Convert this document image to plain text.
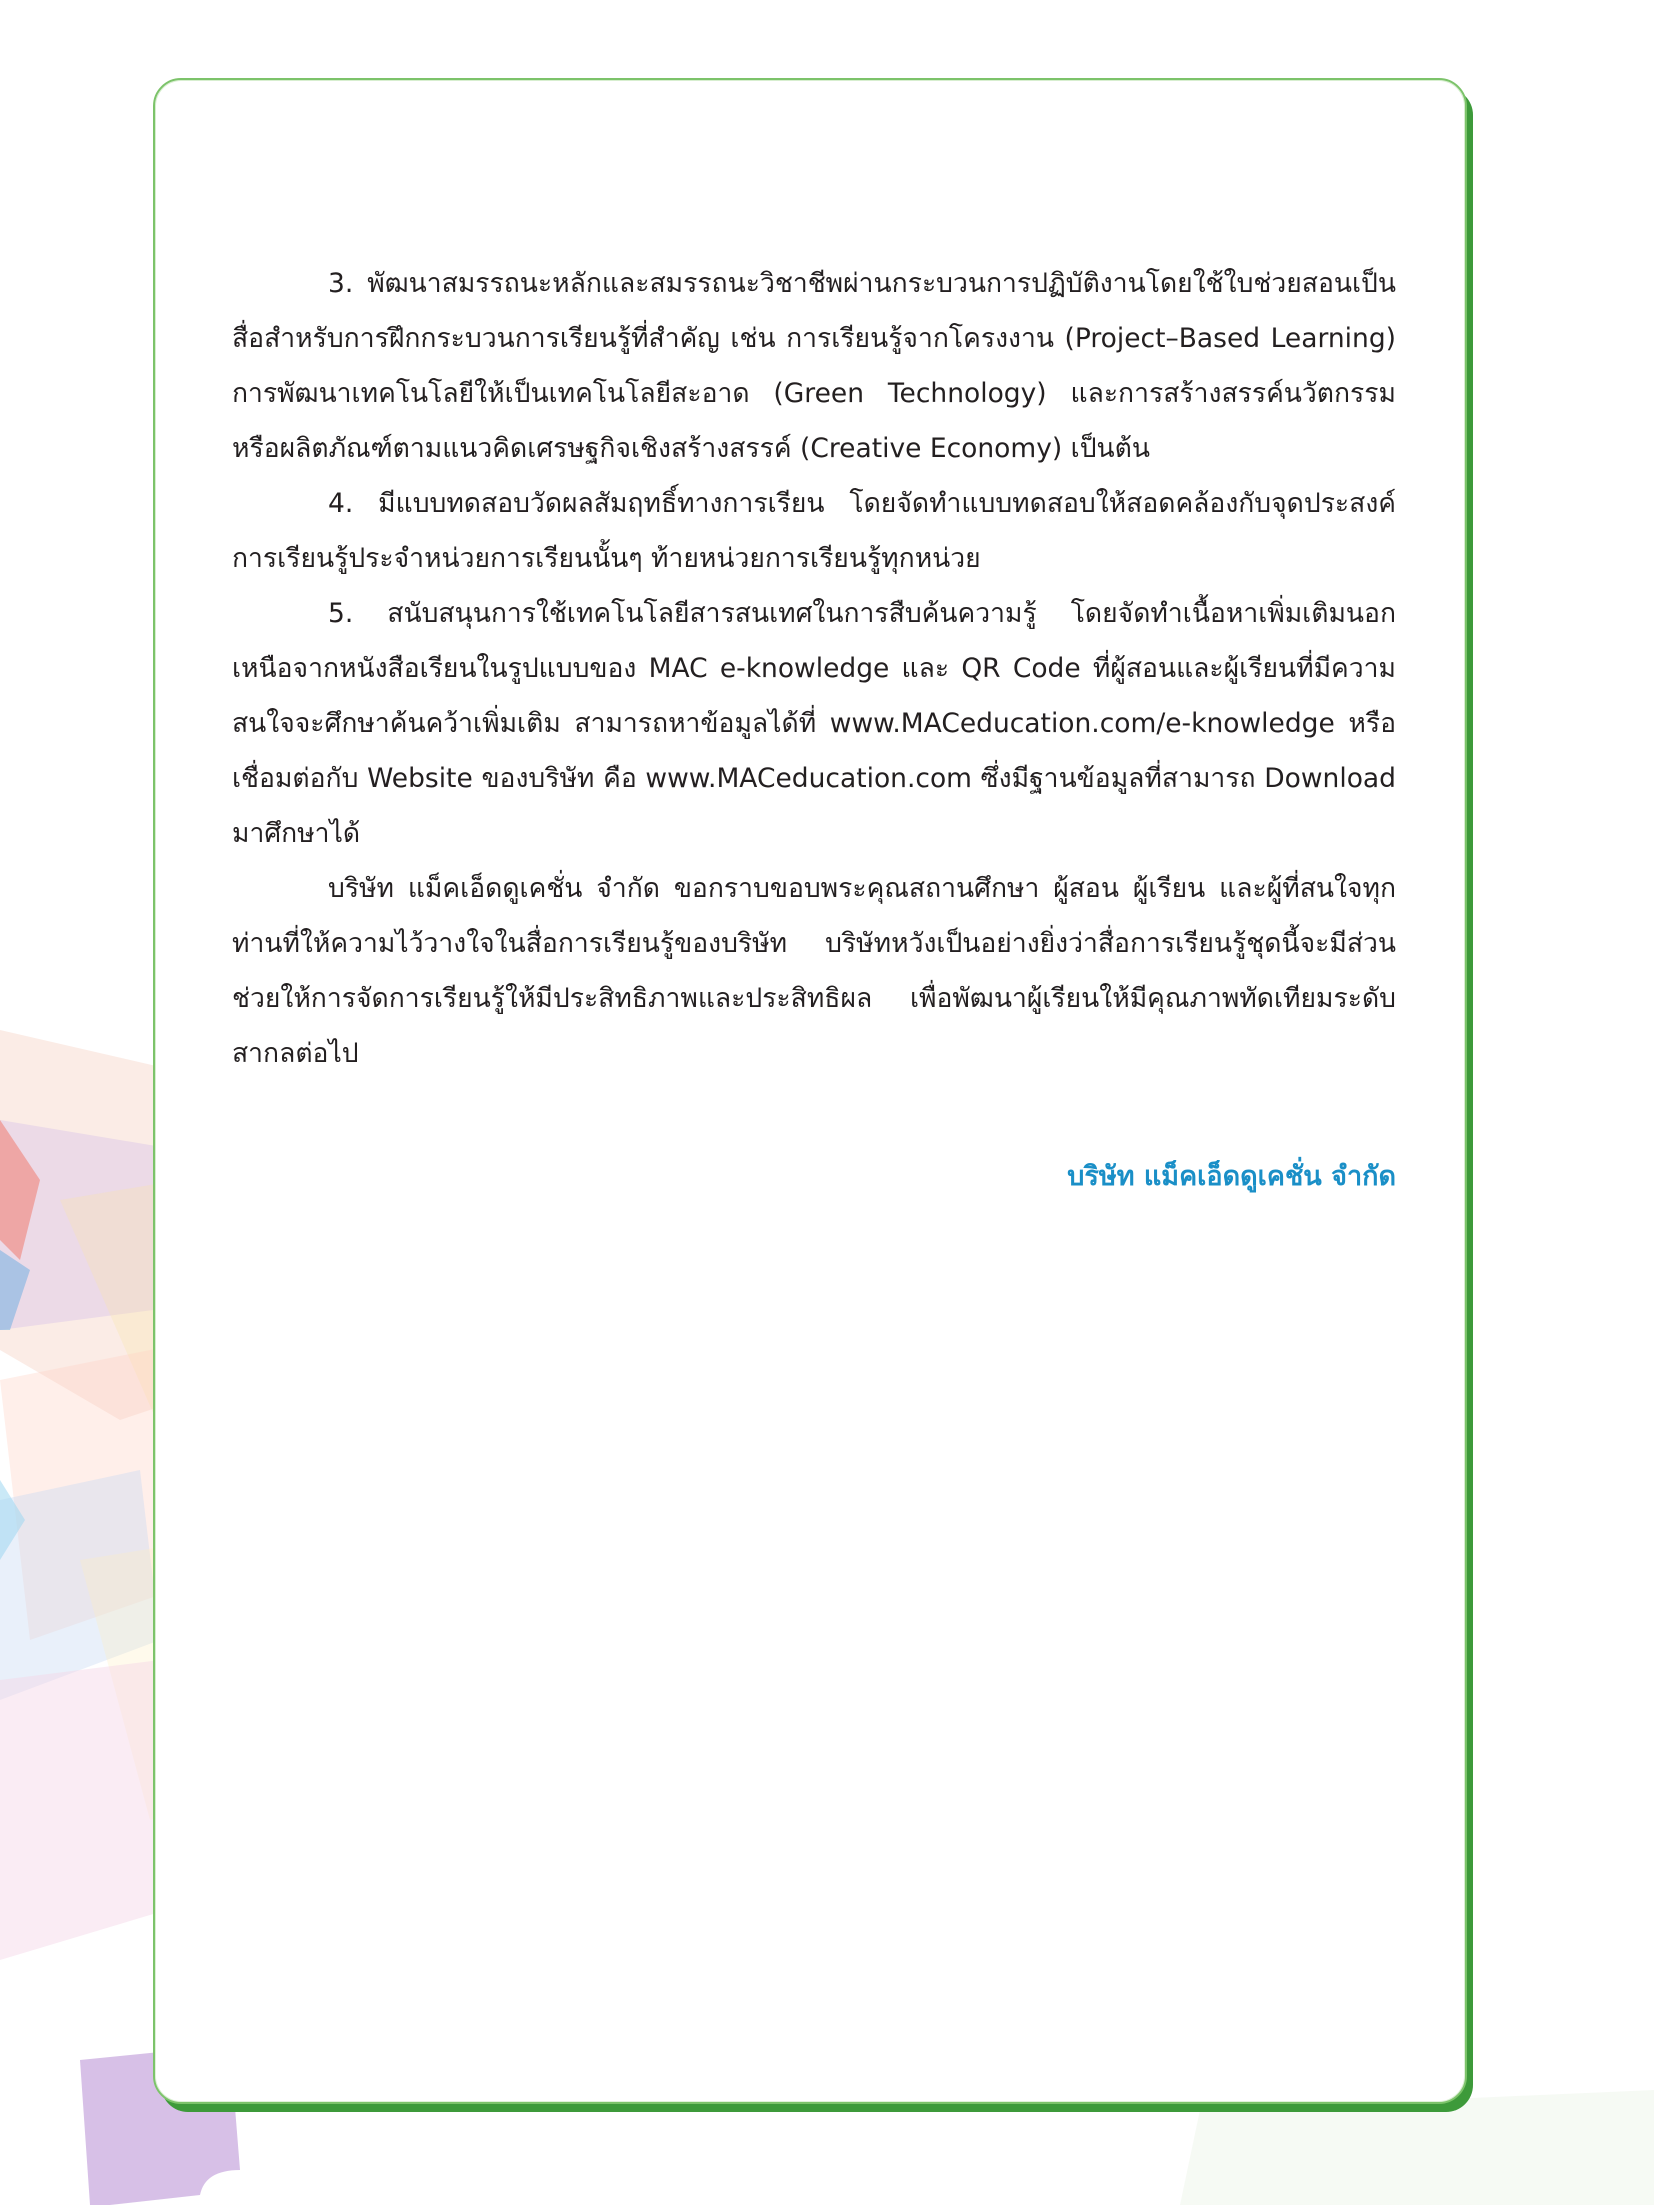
3. พัฒนาสมรรถนะหลักและสมรรถนะวิชาชีพผ่านกระบวนการปฏิบัติงานโดยใช้ใบช่วยสอนเป็นสื่อสำหรับการฝึกกระบวนการเรียนรู้ที่สำคัญ เช่น การเรียนรู้จากโครงงาน (Project–Based Learning) การพัฒนาเทคโนโลยีให้เป็นเทคโนโลยีสะอาด (Green Technology) และการสร้างสรรค์นวัตกรรมหรือผลิตภัณฑ์ตามแนวคิดเศรษฐกิจเชิงสร้างสรรค์ (Creative Economy) เป็นต้น

4. มีแบบทดสอบวัดผลสัมฤทธิ์ทางการเรียน โดยจัดทำแบบทดสอบให้สอดคล้องกับจุดประสงค์การเรียนรู้ประจำหน่วยการเรียนนั้นๆ ท้ายหน่วยการเรียนรู้ทุกหน่วย

5. สนับสนุนการใช้เทคโนโลยีสารสนเทศในการสืบค้นความรู้ โดยจัดทำเนื้อหาเพิ่มเติมนอกเหนือจากหนังสือเรียนในรูปแบบของ MAC e-knowledge และ QR Code ที่ผู้สอนและผู้เรียนที่มีความสนใจจะศึกษาค้นคว้าเพิ่มเติม สามารถหาข้อมูลได้ที่ www.MACeducation.com/e-knowledge หรือเชื่อมต่อกับ Website ของบริษัท คือ www.MACeducation.com ซึ่งมีฐานข้อมูลที่สามารถ Download มาศึกษาได้

บริษัท แม็คเอ็ดดูเคชั่น จำกัด ขอกราบขอบพระคุณสถานศึกษา ผู้สอน ผู้เรียน และผู้ที่สนใจทุกท่านที่ให้ความไว้วางใจในสื่อการเรียนรู้ของบริษัท บริษัทหวังเป็นอย่างยิ่งว่าสื่อการเรียนรู้ชุดนี้จะมีส่วนช่วยให้การจัดการเรียนรู้ให้มีประสิทธิภาพและประสิทธิผล เพื่อพัฒนาผู้เรียนให้มีคุณภาพทัดเทียมระดับสากลต่อไป

บริษัท แม็คเอ็ดดูเคชั่น จำกัด
